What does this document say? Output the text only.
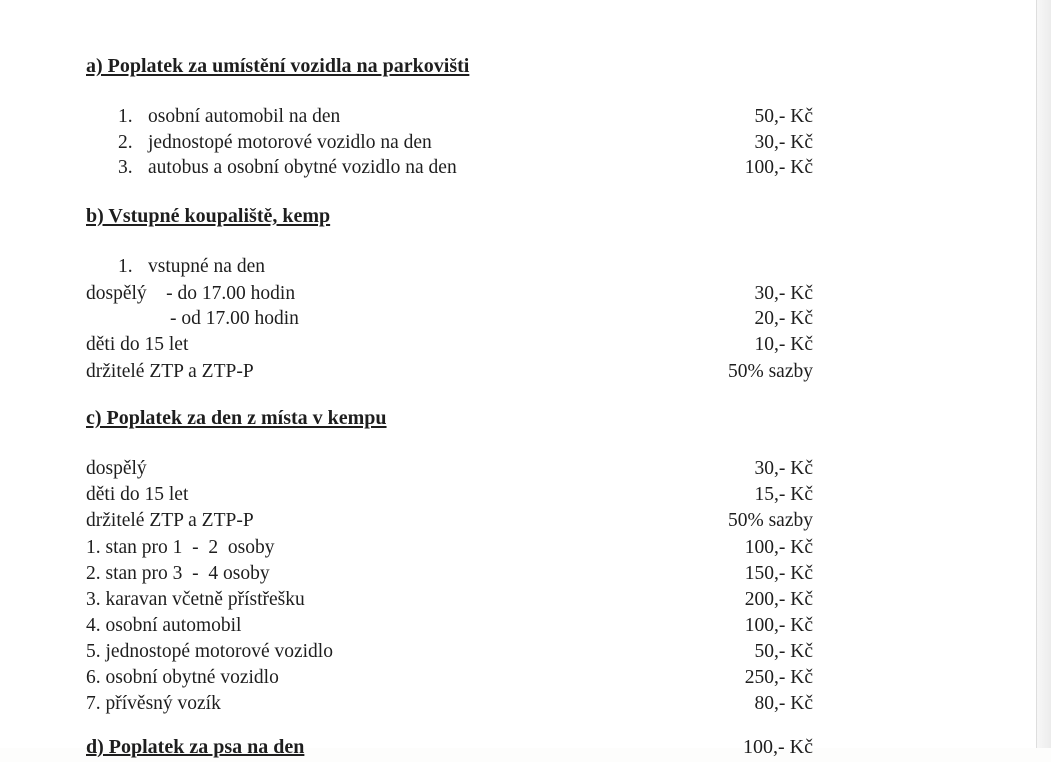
a) Poplatek za umístění vozidla na parkovišti
1. osobní automobil na den	50,- Kč
2. jednostopé motorové vozidlo na den	30,- Kč
3. autobus a osobní obytné vozidlo na den	100,- Kč
b) Vstupné koupaliště, kemp
1. vstupné na den
dospělý    - do 17.00 hodin	30,- Kč
- od 17.00 hodin	20,- Kč
děti do 15 let	10,- Kč
držitelé ZTP a ZTP-P	50% sazby
c) Poplatek za den z místa v kempu
dospělý	30,- Kč
děti do 15 let	15,- Kč
držitelé ZTP a ZTP-P	50% sazby
1. stan pro 1  -  2  osoby	100,- Kč
2. stan pro 3  -  4 osoby	150,- Kč
3. karavan včetně přístřešku	200,- Kč
4. osobní automobil	100,- Kč
5. jednostopé motorové vozidlo	50,- Kč
6. osobní obytné vozidlo	250,- Kč
7. přívěsný vozík	80,- Kč
d) Poplatek za psa na den	100,- Kč
